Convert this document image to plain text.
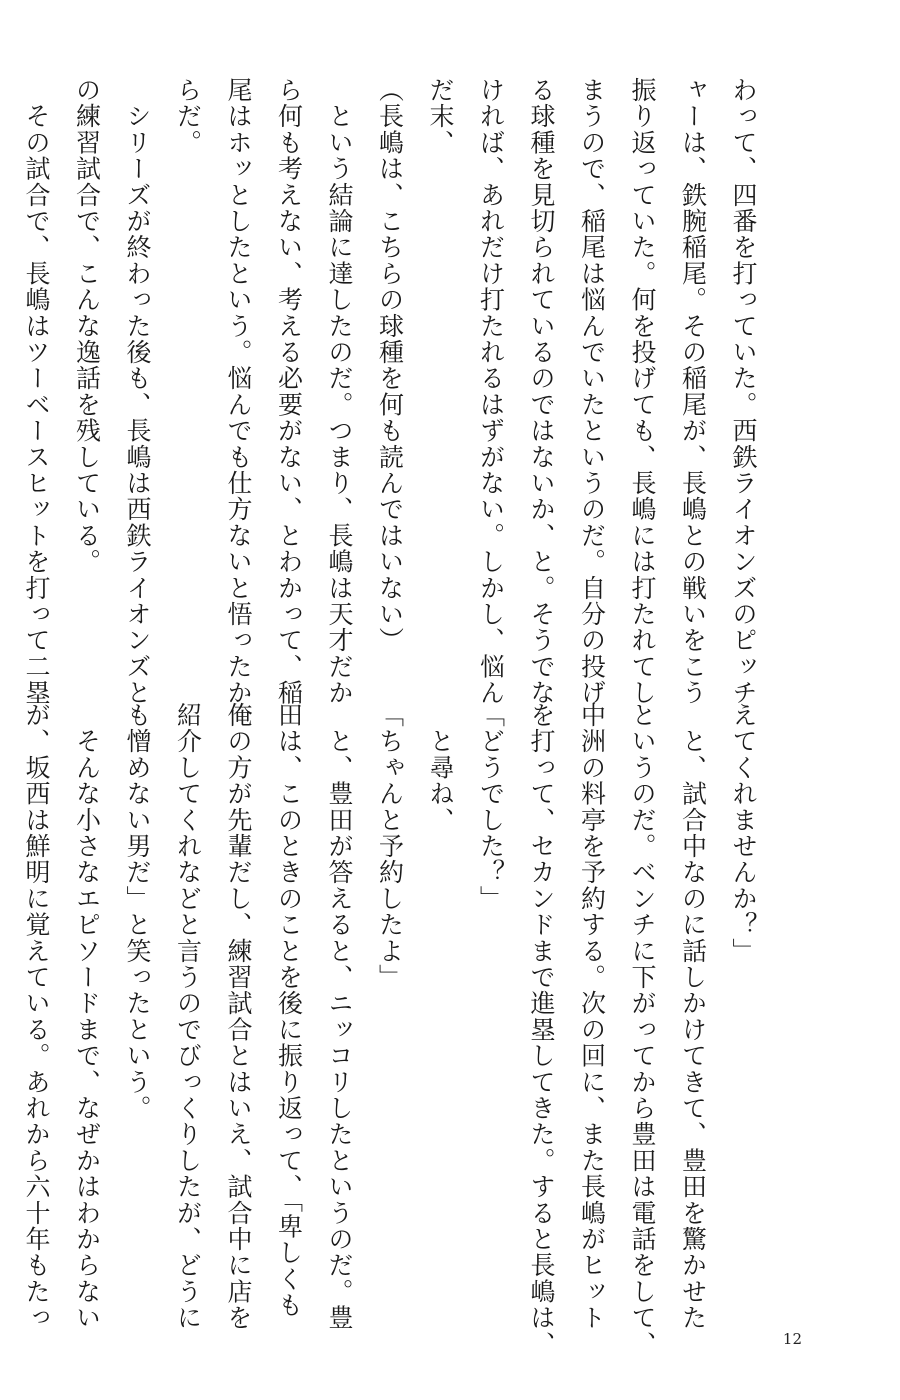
わって、四番を打っていた。西鉄ライオンズのピッチ
ャーは、鉄腕稲尾。その稲尾が、長嶋との戦いをこう
振り返っていた。何を投げても、長嶋には打たれてし
まうので、稲尾は悩んでいたというのだ。自分の投げ
る球種を見切られているのではないか、と。そうでな
ければ、あれだけ打たれるはずがない。しかし、悩ん
だ末、
（長嶋は、こちらの球種を何も読んではいない）
　という結論に達したのだ。つまり、長嶋は天才だか
ら何も考えない、考える必要がない、とわかって、稲
尾はホッとしたという。悩んでも仕方ないと悟ったか
らだ。
　シリーズが終わった後も、長嶋は西鉄ライオンズと
の練習試合で、こんな逸話を残している。
　その試合で、長嶋はツーベースヒットを打って二塁
えてくれませんか？」
　と、試合中なのに話しかけてきて、豊田を驚かせた
というのだ。ベンチに下がってから豊田は電話をして、
中洲の料亭を予約する。次の回に、また長嶋がヒット
を打って、セカンドまで進塁してきた。すると長嶋は、
「どうでした？」
　と尋ね、
「ちゃんと予約したよ」
　と、豊田が答えると、ニッコリしたというのだ。豊
田は、このときのことを後に振り返って、「卑しくも
俺の方が先輩だし、練習試合とはいえ、試合中に店を
紹介してくれなどと言うのでびっくりしたが、どうに
も憎めない男だ」と笑ったという。
　そんな小さなエピソードまで、なぜかはわからない
が、坂西は鮮明に覚えている。あれから六十年もたっ
12
